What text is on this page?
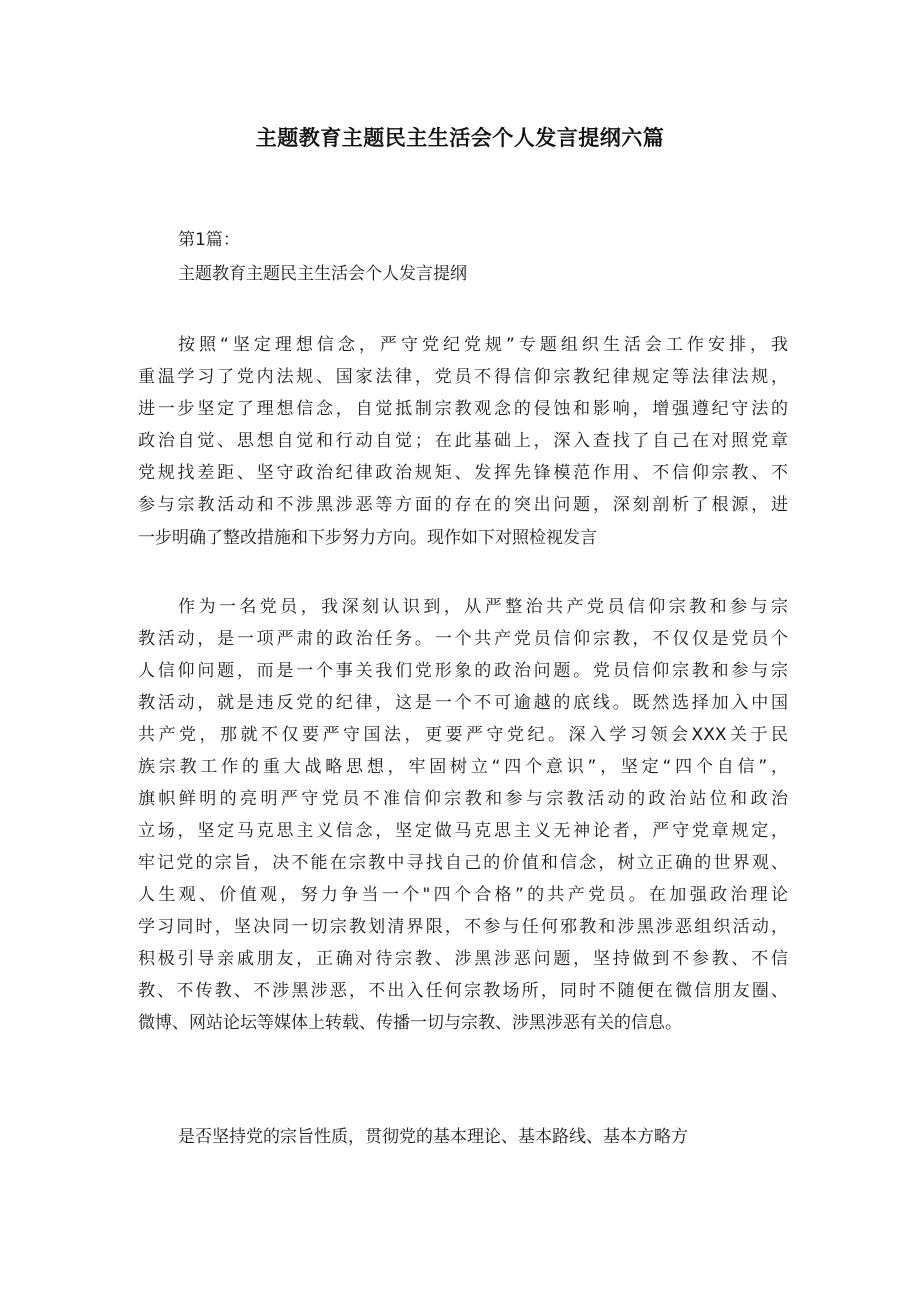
主题教育主题民主生活会个人发言提纲六篇

第1篇：

主题教育主题民主生活会个人发言提纲

按照“坚定理想信念，严守党纪党规”专题组织生活会工作安排，我

重温学习了党内法规、国家法律，党员不得信仰宗教纪律规定等法律法规，

进一步坚定了理想信念，自觉抵制宗教观念的侵蚀和影响，增强遵纪守法的

政治自觉、思想自觉和行动自觉；在此基础上，深入查找了自己在对照党章

党规找差距、坚守政治纪律政治规矩、发挥先锋模范作用、不信仰宗教、不

参与宗教活动和不涉黑涉恶等方面的存在的突出问题，深刻剖析了根源，进

一步明确了整改措施和下步努力方向。现作如下对照检视发言

作为一名党员，我深刻认识到，从严整治共产党员信仰宗教和参与宗

教活动，是一项严肃的政治任务。一个共产党员信仰宗教，不仅仅是党员个

人信仰问题，而是一个事关我们党形象的政治问题。党员信仰宗教和参与宗

教活动，就是违反党的纪律，这是一个不可逾越的底线。既然选择加入中国

共产党，那就不仅要严守国法，更要严守党纪。深入学习领会XXX关于民

族宗教工作的重大战略思想，牢固树立“四个意识”，坚定“四个自信”，

旗帜鲜明的亮明严守党员不准信仰宗教和参与宗教活动的政治站位和政治

立场，坚定马克思主义信念，坚定做马克思主义无神论者，严守党章规定，

牢记党的宗旨，决不能在宗教中寻找自己的价值和信念，树立正确的世界观、

人生观、价值观，努力争当一个"四个合格”的共产党员。在加强政治理论

学习同时，坚决同一切宗教划清界限，不参与任何邪教和涉黑涉恶组织活动，

积极引导亲戚朋友，正确对待宗教、涉黑涉恶问题，坚持做到不参教、不信

教、不传教、不涉黑涉恶，不出入任何宗教场所，同时不随便在微信朋友圈、

微博、网站论坛等媒体上转载、传播一切与宗教、涉黑涉恶有关的信息。

是否坚持党的宗旨性质，贯彻党的基本理论、基本路线、基本方略方
